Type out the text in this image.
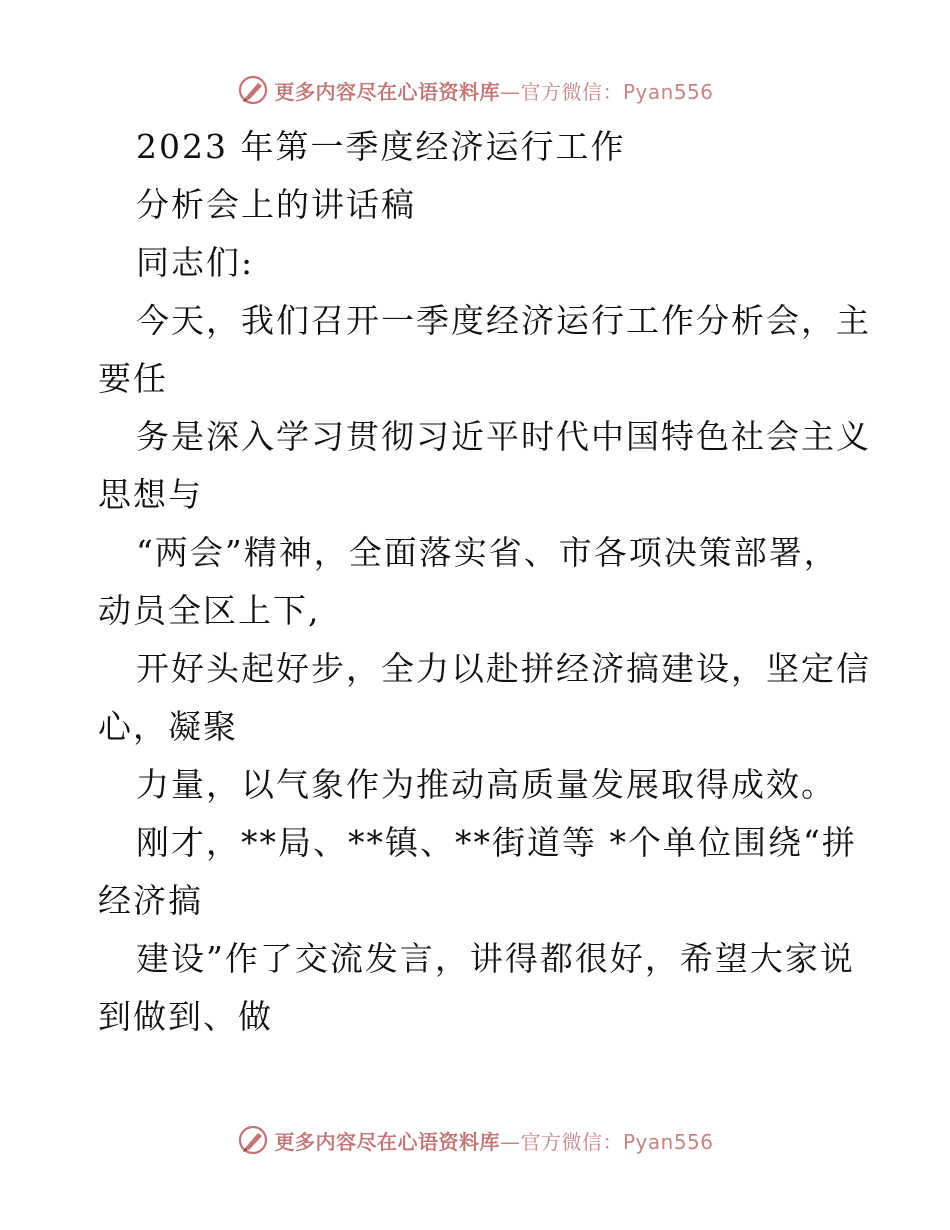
更多内容尽在心语资料库—官方微信：Pyan556
2023 年第一季度经济运行工作
分析会上的讲话稿
同志们:
今天，我们召开一季度经济运行工作分析会，主
要任
务是深入学习贯彻习近平时代中国特色社会主义
思想与
“两会”精神，全面落实省、市各项决策部署，
动员全区上下,
开好头起好步，全力以赴拼经济搞建设，坚定信
心，凝聚
力量，以气象作为推动高质量发展取得成效。
刚才，**局、**镇、**街道等 *个单位围绕“拼
经济搞
建设”作了交流发言，讲得都很好，希望大家说
到做到、做
更多内容尽在心语资料库—官方微信：Pyan556
